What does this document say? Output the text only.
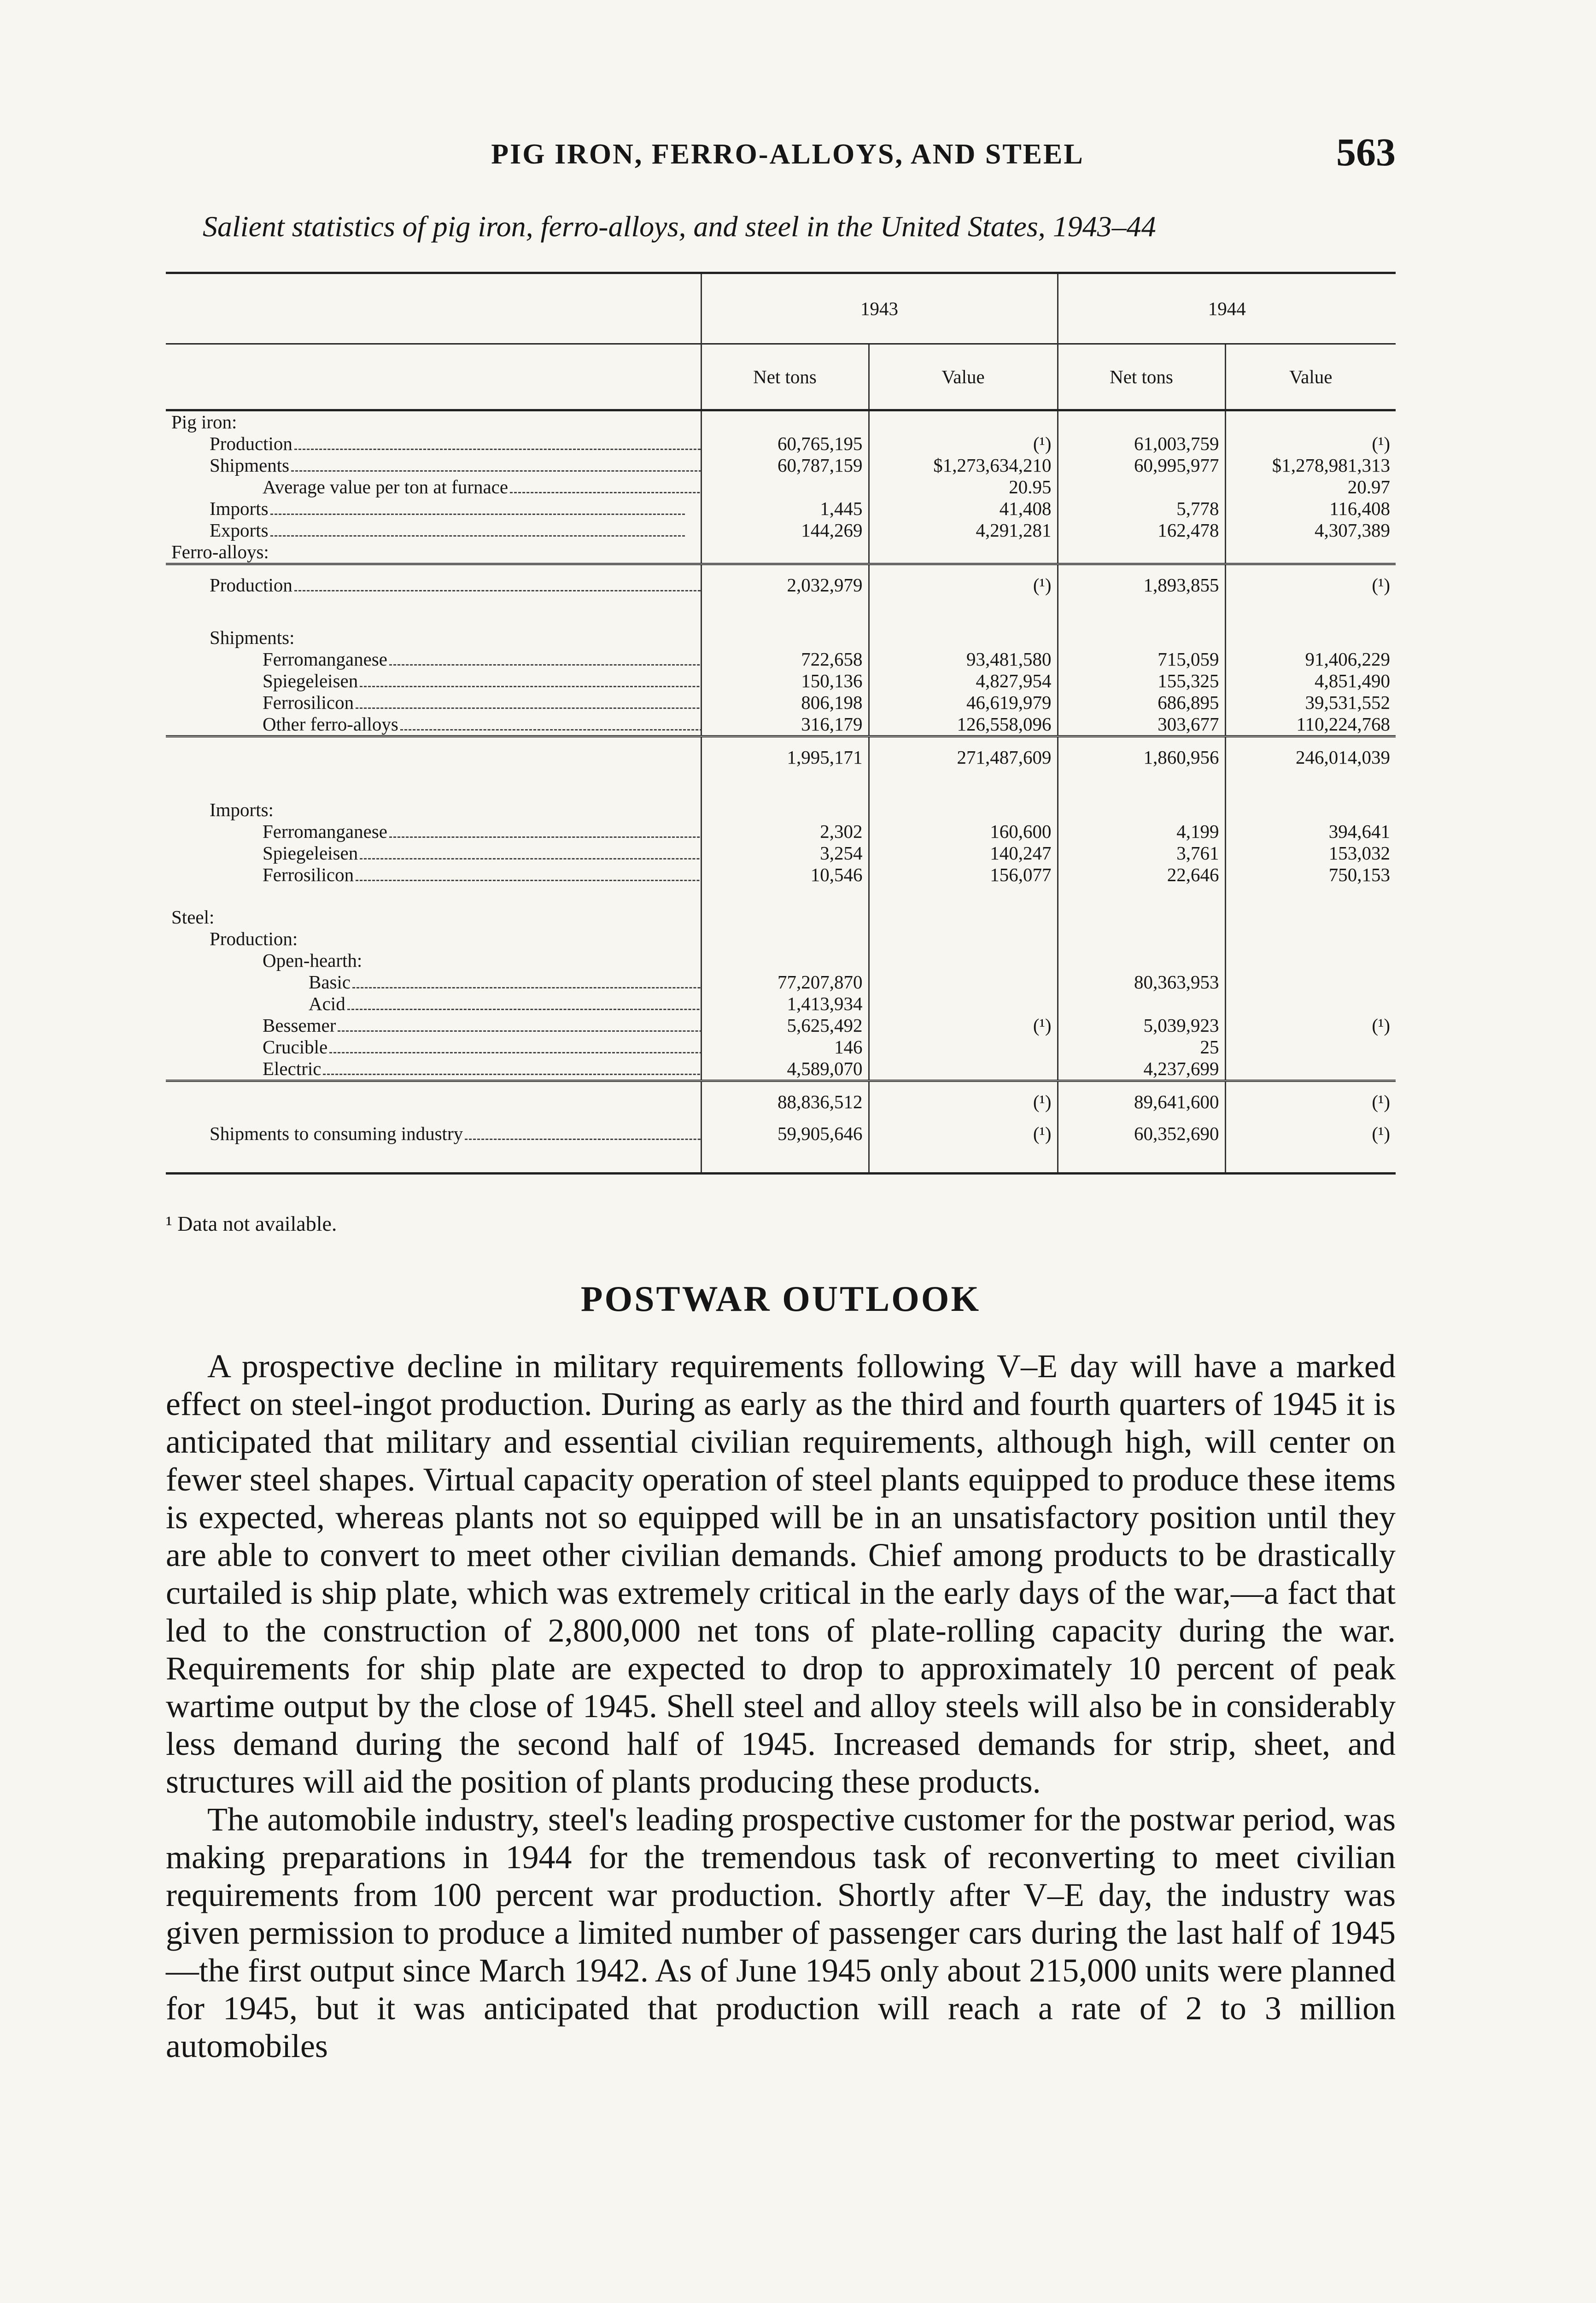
PIG IRON, FERRO-ALLOYS, AND STEEL	563
Salient statistics of pig iron, ferro-alloys, and steel in the United States, 1943–44
	1943		1944	
	Net tons	Value	Net tons	Value
Pig iron:				
Production	60,765,195	(¹)	61,003,759	(¹)
Shipments	60,787,159	$1,273,634,210	60,995,977	$1,278,981,313
Average value per ton at furnace		20.95		20.97
Imports	1,445	41,408	5,778	116,408
Exports	144,269	4,291,281	162,478	4,307,389
Ferro-alloys:				
Production	2,032,979	(¹)	1,893,855	(¹)

Shipments:				
Ferromanganese	722,658	93,481,580	715,059	91,406,229
Spiegeleisen	150,136	4,827,954	155,325	4,851,490
Ferrosilicon	806,198	46,619,979	686,895	39,531,552
Other ferro-alloys	316,179	126,558,096	303,677	110,224,768
	1,995,171	271,487,609	1,860,956	246,014,039

Imports:				
Ferromanganese	2,302	160,600	4,199	394,641
Spiegeleisen	3,254	140,247	3,761	153,032
Ferrosilicon	10,546	156,077	22,646	750,153

Steel:				
Production:				
Open-hearth:				
Basic	77,207,870		80,363,953	
Acid	1,413,934			
Bessemer	5,625,492	(¹)	5,039,923	(¹)
Crucible	146		25	
Electric	4,589,070		4,237,699	
	88,836,512	(¹)	89,641,600	(¹)
Shipments to consuming industry	59,905,646	(¹)	60,352,690	(¹)
¹ Data not available.
POSTWAR OUTLOOK

A prospective decline in military requirements following V–E day will have a marked effect on steel-ingot production. During as early as the third and fourth quarters of 1945 it is anticipated that military and essential civilian requirements, although high, will center on fewer steel shapes. Virtual capacity operation of steel plants equipped to produce these items is expected, whereas plants not so equipped will be in an unsatisfactory position until they are able to convert to meet other civilian demands. Chief among products to be drastically curtailed is ship plate, which was extremely critical in the early days of the war,—a fact that led to the construction of 2,800,000 net tons of plate-rolling capacity during the war. Requirements for ship plate are expected to drop to approximately 10 percent of peak wartime output by the close of 1945. Shell steel and alloy steels will also be in considerably less demand during the second half of 1945. Increased demands for strip, sheet, and structures will aid the position of plants producing these products.

The automobile industry, steel's leading prospective customer for the postwar period, was making preparations in 1944 for the tremendous task of reconverting to meet civilian requirements from 100 percent war production. Shortly after V–E day, the industry was given permission to produce a limited number of passenger cars during the last half of 1945—the first output since March 1942. As of June 1945 only about 215,000 units were planned for 1945, but it was anticipated that production will reach a rate of 2 to 3 million automobiles
